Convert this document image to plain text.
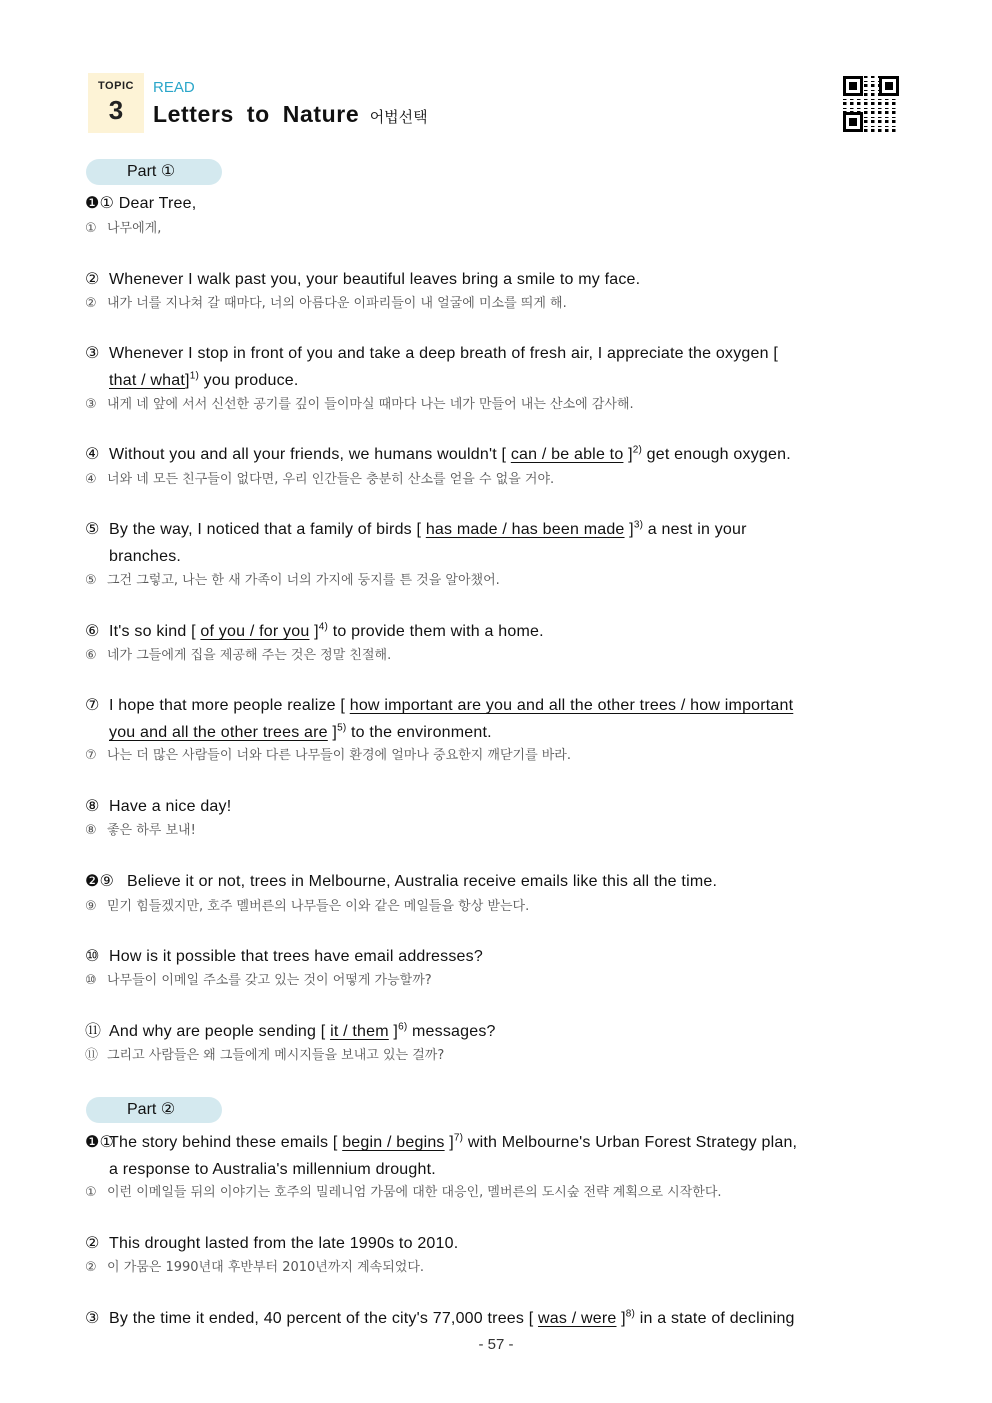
TOPIC
3
READ
Letters to Nature 어법선택
Part ①
❶① Dear Tree,
① 나무에게,
② Whenever I walk past you, your beautiful leaves bring a smile to my face.
② 내가 너를 지나쳐 갈 때마다, 너의 아름다운 이파리들이 내 얼굴에 미소를 띄게 해.
③ Whenever I stop in front of you and take a deep breath of fresh air, I appreciate the oxygen [
that / what]$^{1)}$ you produce.
③ 내게 네 앞에 서서 신선한 공기를 깊이 들이마실 때마다 나는 네가 만들어 내는 산소에 감사해.
④ Without you and all your friends, we humans wouldn't [ can / be able to ]$^{2)}$ get enough oxygen.
④ 너와 네 모든 친구들이 없다면, 우리 인간들은 충분히 산소를 얻을 수 없을 거야.
⑤ By the way, I noticed that a family of birds [ has made / has been made ]$^{3)}$ a nest in your
branches.
⑤ 그건 그렇고, 나는 한 새 가족이 너의 가지에 둥지를 튼 것을 알아챘어.
⑥ It's so kind [ of you / for you ]$^{4)}$ to provide them with a home.
⑥ 네가 그들에게 집을 제공해 주는 것은 정말 친절해.
⑦ I hope that more people realize [ how important are you and all the other trees / how important
you and all the other trees are ]$^{5)}$ to the environment.
⑦ 나는 더 많은 사람들이 너와 다른 나무들이 환경에 얼마나 중요한지 깨닫기를 바라.
⑧ Have a nice day!
⑧ 좋은 하루 보내!
❷⑨ Believe it or not, trees in Melbourne, Australia receive emails like this all the time.
⑨ 믿기 힘들겠지만, 호주 멜버른의 나무들은 이와 같은 메일들을 항상 받는다.
⑩ How is it possible that trees have email addresses?
⑩ 나무들이 이메일 주소를 갖고 있는 것이 어떻게 가능할까?
⑪ And why are people sending [ it / them ]$^{6)}$ messages?
⑪ 그리고 사람들은 왜 그들에게 메시지들을 보내고 있는 걸까?
Part ②
❶①The story behind these emails [ begin / begins ]$^{7)}$ with Melbourne's Urban Forest Strategy plan,
a response to Australia's millennium drought.
① 이런 이메일들 뒤의 이야기는 호주의 밀레니엄 가뭄에 대한 대응인, 멜버른의 도시숲 전략 계획으로 시작한다.
② This drought lasted from the late 1990s to 2010.
② 이 가뭄은 1990년대 후반부터 2010년까지 계속되었다.
③ By the time it ended, 40 percent of the city's 77,000 trees [ was / were ]$^{8)}$ in a state of declining
- 57 -
